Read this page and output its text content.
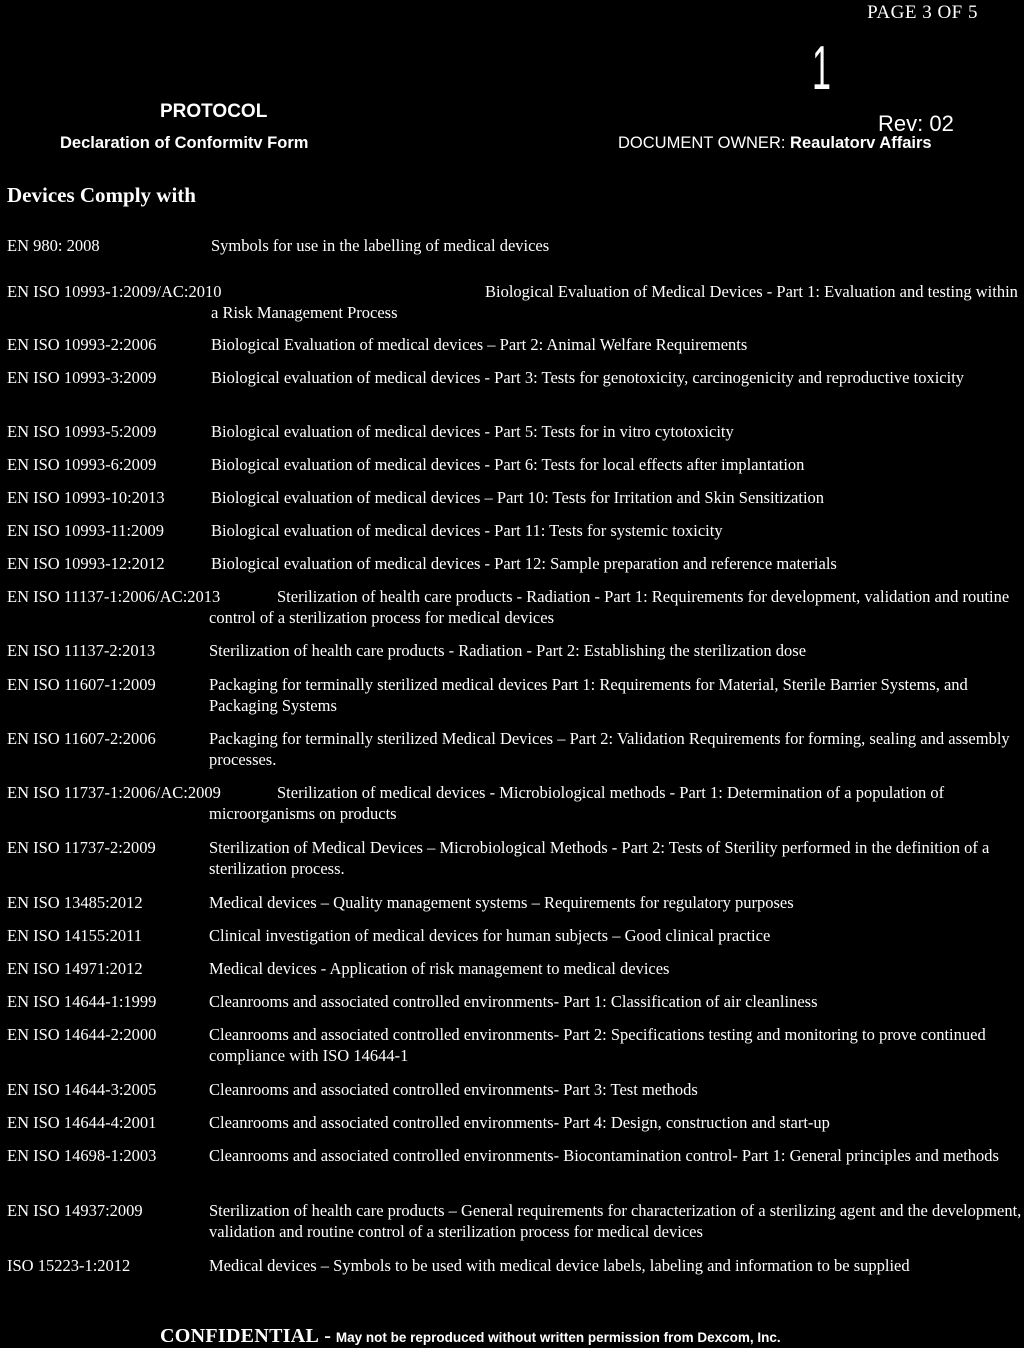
PAGE 3 OF 5
1
PROTOCOL
Declaration of Conformitv Form
Rev: 02
DOCUMENT OWNER: Reaulatorv Affairs
Devices Comply with
EN 980: 2008	Symbols for use in the labelling of medical devices
EN ISO 10993-1:2009/AC:2010	Biological Evaluation of Medical Devices - Part 1: Evaluation and testing within a Risk Management Process
EN ISO 10993-2:2006	Biological Evaluation of medical devices – Part 2: Animal Welfare Requirements
EN ISO 10993-3:2009	Biological evaluation of medical devices - Part 3: Tests for genotoxicity, carcinogenicity and reproductive toxicity
EN ISO 10993-5:2009	Biological evaluation of medical devices - Part 5: Tests for in vitro cytotoxicity
EN ISO 10993-6:2009	Biological evaluation of medical devices - Part 6: Tests for local effects after implantation
EN ISO 10993-10:2013	Biological evaluation of medical devices – Part 10: Tests for Irritation and Skin Sensitization
EN ISO 10993-11:2009	Biological evaluation of medical devices - Part 11: Tests for systemic toxicity
EN ISO 10993-12:2012	Biological evaluation of medical devices - Part 12: Sample preparation and reference materials
EN ISO 11137-1:2006/AC:2013	Sterilization of health care products - Radiation - Part 1: Requirements for development, validation and routine control of a sterilization process for medical devices
EN ISO 11137-2:2013	Sterilization of health care products - Radiation - Part 2: Establishing the sterilization dose
EN ISO 11607-1:2009	Packaging for terminally sterilized medical devices Part 1: Requirements for Material, Sterile Barrier Systems, and Packaging Systems
EN ISO 11607-2:2006	Packaging for terminally sterilized Medical Devices – Part 2: Validation Requirements for forming, sealing and assembly processes.
EN ISO 11737-1:2006/AC:2009	Sterilization of medical devices - Microbiological methods - Part 1: Determination of a population of microorganisms on products
EN ISO 11737-2:2009	Sterilization of Medical Devices – Microbiological Methods - Part 2: Tests of Sterility performed in the definition of a sterilization process.
EN ISO 13485:2012	Medical devices – Quality management systems – Requirements for regulatory purposes
EN ISO 14155:2011	Clinical investigation of medical devices for human subjects – Good clinical practice
EN ISO 14971:2012	Medical devices - Application of risk management to medical devices
EN ISO 14644-1:1999	Cleanrooms and associated controlled environments- Part 1: Classification of air cleanliness
EN ISO 14644-2:2000	Cleanrooms and associated controlled environments- Part 2: Specifications testing and monitoring to prove continued compliance with ISO 14644-1
EN ISO 14644-3:2005	Cleanrooms and associated controlled environments- Part 3: Test methods
EN ISO 14644-4:2001	Cleanrooms and associated controlled environments- Part 4: Design, construction and start-up
EN ISO 14698-1:2003	Cleanrooms and associated controlled environments- Biocontamination control- Part 1: General principles and methods
EN ISO 14937:2009	Sterilization of health care products – General requirements for characterization of a sterilizing agent and the development, validation and routine control of a sterilization process for medical devices
ISO 15223-1:2012	Medical devices – Symbols to be used with medical device labels, labeling and information to be supplied
CONFIDENTIAL - May not be reproduced without written permission from Dexcom, Inc.
